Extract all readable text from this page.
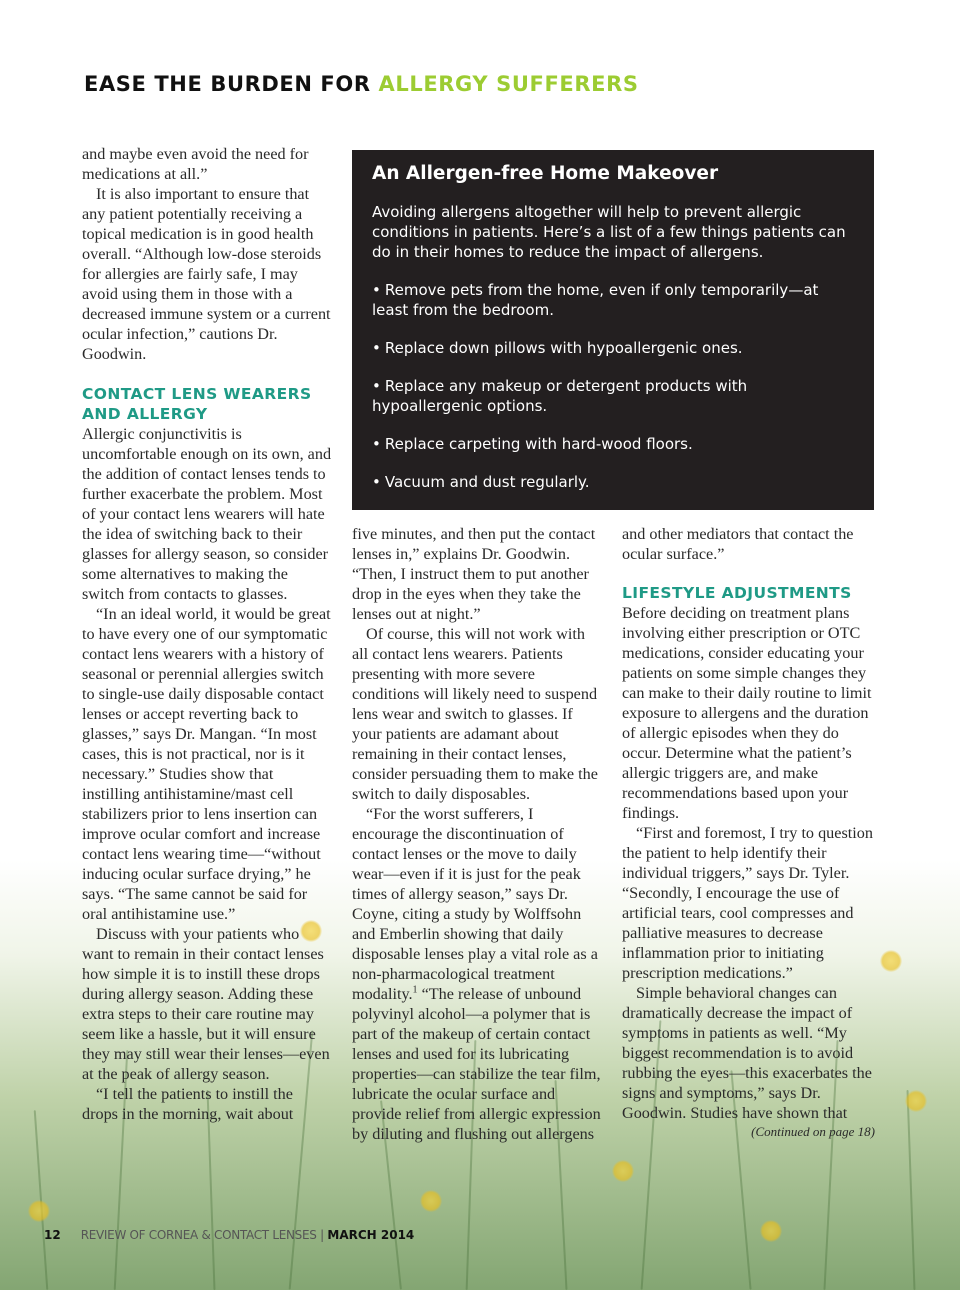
EASE THE BURDEN FOR ALLERGY SUFFERERS

and maybe even avoid the need for medications at all.”

It is also important to ensure that any patient potentially receiving a topical medication is in good health overall. “Although low-dose steroids for allergies are fairly safe, I may avoid using them in those with a decreased immune system or a current ocular infection,” cautions Dr. Goodwin.

CONTACT LENS WEARERS AND ALLERGY

Allergic conjunctivitis is uncomfortable enough on its own, and the addition of contact lenses tends to further exacerbate the problem. Most of your contact lens wearers will hate the idea of switching back to their glasses for allergy season, so consider some alternatives to making the switch from contacts to glasses.

“In an ideal world, it would be great to have every one of our symptomatic contact lens wearers with a history of seasonal or perennial allergies switch to single-use daily disposable contact lenses or accept reverting back to glasses,” says Dr. Mangan. “In most cases, this is not practical, nor is it necessary.” Studies show that instilling antihistamine/mast cell stabilizers prior to lens insertion can improve ocular comfort and increase contact lens wearing time—“without inducing ocular surface drying,” he says. “The same cannot be said for oral antihistamine use.”

Discuss with your patients who want to remain in their contact lenses how simple it is to instill these drops during allergy season. Adding these extra steps to their care routine may seem like a hassle, but it will ensure they may still wear their lenses—even at the peak of allergy season.

“I tell the patients to instill the drops in the morning, wait about

An Allergen-free Home Makeover

Avoiding allergens altogether will help to prevent allergic conditions in patients. Here’s a list of a few things patients can do in their homes to reduce the impact of allergens.

• Remove pets from the home, even if only temporarily—at least from the bedroom.
• Replace down pillows with hypoallergenic ones.
• Replace any makeup or detergent products with hypoallergenic options.
• Replace carpeting with hard-wood floors.
• Vacuum and dust regularly.

five minutes, and then put the contact lenses in,” explains Dr. Goodwin. “Then, I instruct them to put another drop in the eyes when they take the lenses out at night.”

Of course, this will not work with all contact lens wearers. Patients presenting with more severe conditions will likely need to suspend lens wear and switch to glasses. If your patients are adamant about remaining in their contact lenses, consider persuading them to make the switch to daily disposables.

“For the worst sufferers, I encourage the discontinuation of contact lenses or the move to daily wear—even if it is just for the peak times of allergy season,” says Dr. Coyne, citing a study by Wolffsohn and Emberlin showing that daily disposable lenses play a vital role as a non-pharmacological treatment modality.$^1$ “The release of unbound polyvinyl alcohol—a polymer that is part of the makeup of certain contact lenses and used for its lubricating properties—can stabilize the tear film, lubricate the ocular surface and provide relief from allergic expression by diluting and flushing out allergens

and other mediators that contact the ocular surface.”

LIFESTYLE ADJUSTMENTS

Before deciding on treatment plans involving either prescription or OTC medications, consider educating your patients on some simple changes they can make to their daily routine to limit exposure to allergens and the duration of allergic episodes when they do occur. Determine what the patient’s allergic triggers are, and make recommendations based upon your findings.

“First and foremost, I try to question the patient to help identify their individual triggers,” says Dr. Tyler. “Secondly, I encourage the use of artificial tears, cool compresses and palliative measures to decrease inflammation prior to initiating prescription medications.”

Simple behavioral changes can dramatically decrease the impact of symptoms in patients as well. “My biggest recommendation is to avoid rubbing the eyes—this exacerbates the signs and symptoms,” says Dr. Goodwin. Studies have shown that

(Continued on page 18)
12 REVIEW OF CORNEA & CONTACT LENSES | MARCH 2014
